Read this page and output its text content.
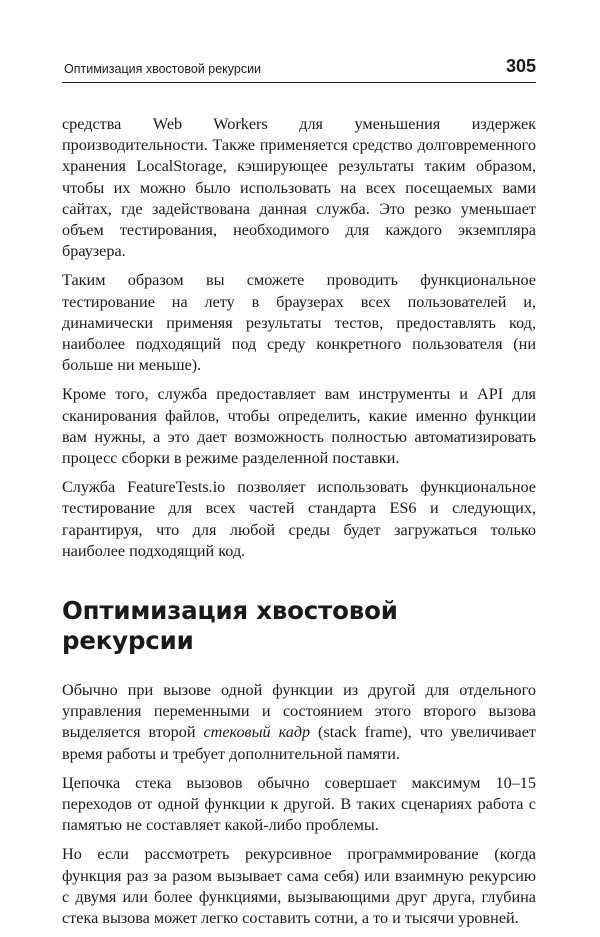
Оптимизация хвостовой рекурсии	305

средства Web Workers для уменьшения издержек производительности. Также применяется средство долговременного хранения LocalStorage, кэширующее результаты таким образом, чтобы их можно было использовать на всех посещаемых вами сайтах, где задействована данная служба. Это резко уменьшает объем тестирования, необходимого для каждого экземпляра браузера.

Таким образом вы сможете проводить функциональное тестирование на лету в браузерах всех пользователей и, динамически применяя результаты тестов, предоставлять код, наиболее подходящий под среду конкретного пользователя (ни больше ни меньше).

Кроме того, служба предоставляет вам инструменты и API для сканирования файлов, чтобы определить, какие именно функции вам нужны, а это дает возможность полностью автоматизировать процесс сборки в режиме разделенной поставки.

Служба FeatureTests.io позволяет использовать функциональное тестирование для всех частей стандарта ES6 и следующих, гарантируя, что для любой среды будет загружаться только наиболее подходящий код.

Оптимизация хвостовой рекурсии

Обычно при вызове одной функции из другой для отдельного управления переменными и состоянием этого второго вызова выделяется второй стековый кадр (stack frame), что увеличивает время работы и требует дополнительной памяти.

Цепочка стека вызовов обычно совершает максимум 10–15 переходов от одной функции к другой. В таких сценариях работа с памятью не составляет какой-либо проблемы.

Но если рассмотреть рекурсивное программирование (когда функция раз за разом вызывает сама себя) или взаимную рекурсию с двумя или более функциями, вызывающими друг друга, глубина стека вызова может легко составить сотни, а то и тысячи уровней.
